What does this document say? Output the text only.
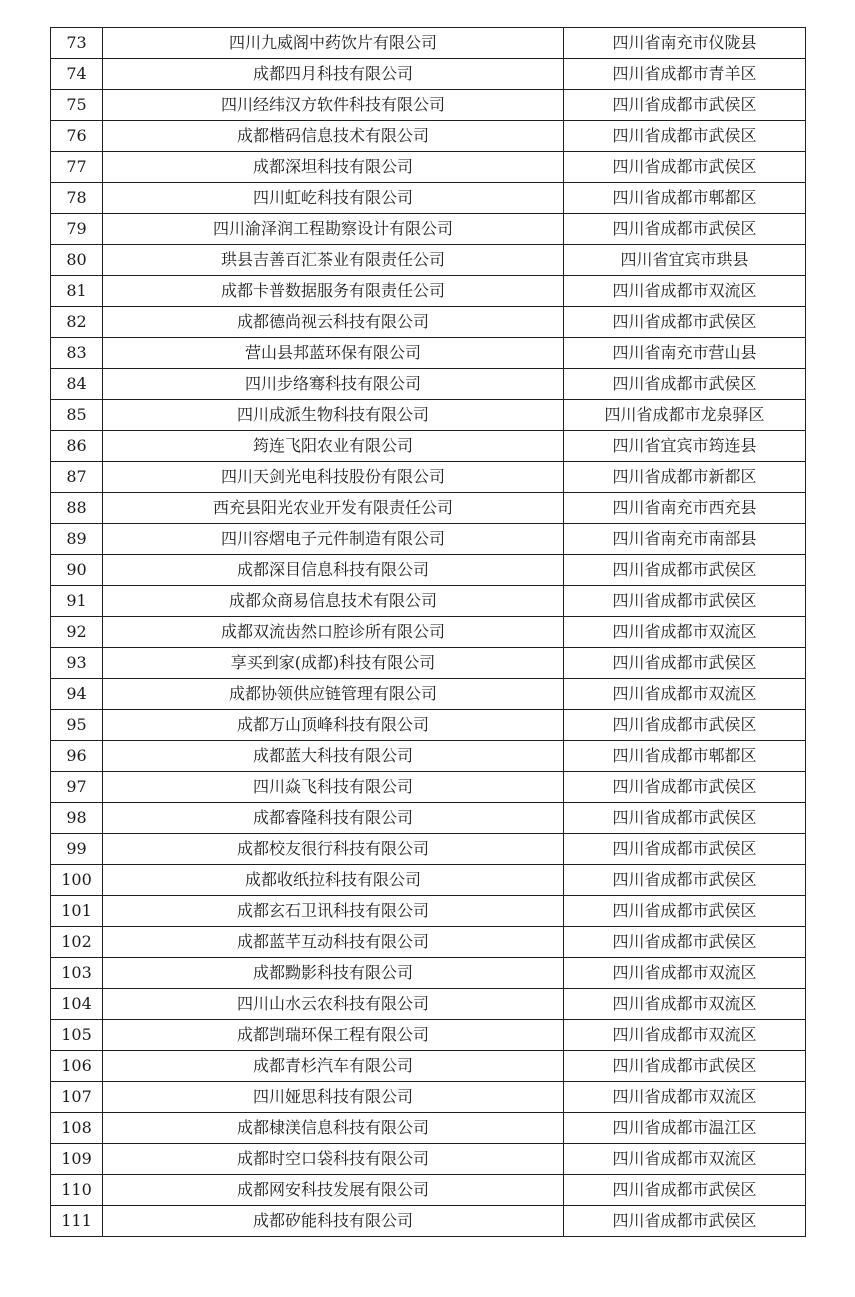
73	四川九威阁中药饮片有限公司	四川省南充市仪陇县
74	成都四月科技有限公司	四川省成都市青羊区
75	四川经纬汉方软件科技有限公司	四川省成都市武侯区
76	成都楷码信息技术有限公司	四川省成都市武侯区
77	成都深坦科技有限公司	四川省成都市武侯区
78	四川虹屹科技有限公司	四川省成都市郫都区
79	四川渝泽润工程勘察设计有限公司	四川省成都市武侯区
80	珙县吉善百汇茶业有限责任公司	四川省宜宾市珙县
81	成都卡普数据服务有限责任公司	四川省成都市双流区
82	成都德尚视云科技有限公司	四川省成都市武侯区
83	营山县邦蓝环保有限公司	四川省南充市营山县
84	四川步络骞科技有限公司	四川省成都市武侯区
85	四川成派生物科技有限公司	四川省成都市龙泉驿区
86	筠连飞阳农业有限公司	四川省宜宾市筠连县
87	四川天剑光电科技股份有限公司	四川省成都市新都区
88	西充县阳光农业开发有限责任公司	四川省南充市西充县
89	四川容熠电子元件制造有限公司	四川省南充市南部县
90	成都深目信息科技有限公司	四川省成都市武侯区
91	成都众商易信息技术有限公司	四川省成都市武侯区
92	成都双流齿然口腔诊所有限公司	四川省成都市双流区
93	享买到家(成都)科技有限公司	四川省成都市武侯区
94	成都协领供应链管理有限公司	四川省成都市双流区
95	成都万山顶峰科技有限公司	四川省成都市武侯区
96	成都蓝大科技有限公司	四川省成都市郫都区
97	四川焱飞科技有限公司	四川省成都市武侯区
98	成都睿隆科技有限公司	四川省成都市武侯区
99	成都校友很行科技有限公司	四川省成都市武侯区
100	成都收纸拉科技有限公司	四川省成都市武侯区
101	成都玄石卫讯科技有限公司	四川省成都市武侯区
102	成都蓝芊互动科技有限公司	四川省成都市武侯区
103	成都黝影科技有限公司	四川省成都市双流区
104	四川山水云农科技有限公司	四川省成都市双流区
105	成都剀瑞环保工程有限公司	四川省成都市双流区
106	成都青杉汽车有限公司	四川省成都市武侯区
107	四川娅思科技有限公司	四川省成都市双流区
108	成都棣渼信息科技有限公司	四川省成都市温江区
109	成都时空口袋科技有限公司	四川省成都市双流区
110	成都网安科技发展有限公司	四川省成都市武侯区
111	成都矽能科技有限公司	四川省成都市武侯区
